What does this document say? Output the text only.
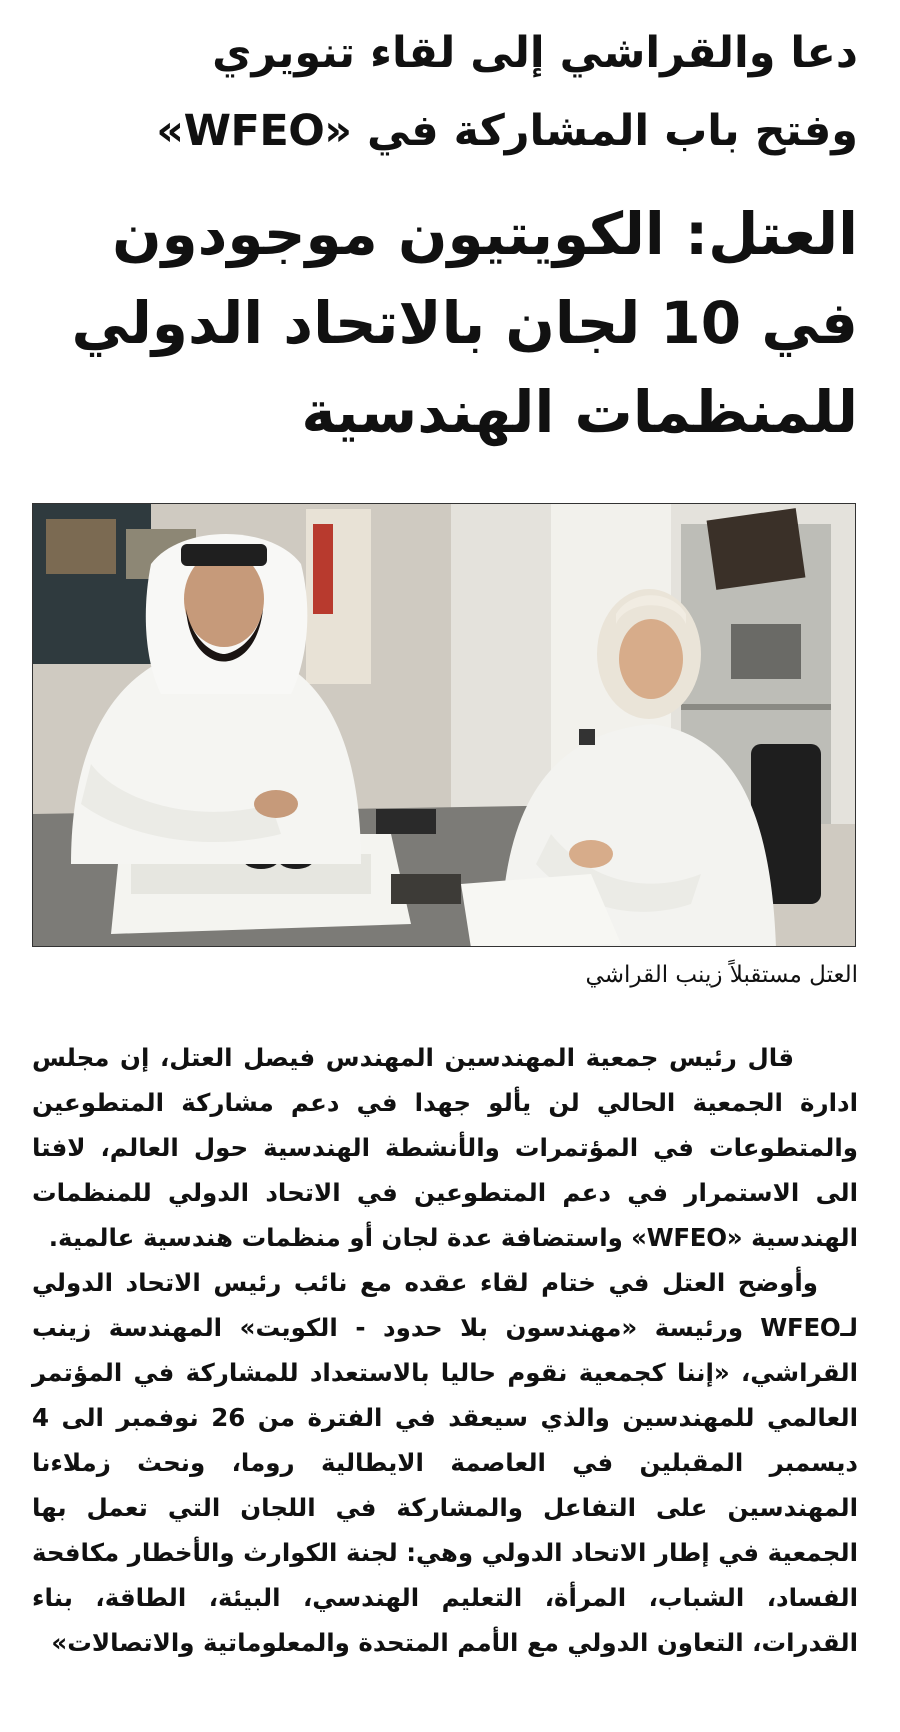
دعا والقراشي إلى لقاء تنويري وفتح باب المشاركة في «WFEO»
العتل: الكويتيون موجودون في 10 لجان بالاتحاد الدولي للمنظمات الهندسية
العتل مستقبلاً زينب القراشي

قال رئيس جمعية المهندسين المهندس فيصل العتل، إن مجلس ادارة الجمعية الحالي لن يألو جهدا في دعم مشاركة المتطوعين والمتطوعات في المؤتمرات والأنشطة الهندسية حول العالم، لافتا الى الاستمرار في دعم المتطوعين في الاتحاد الدولي للمنظمات الهندسية «WFEO» واستضافة عدة لجان أو منظمات هندسية عالمية.

وأوضح العتل في ختام لقاء عقده مع نائب رئيس الاتحاد الدولي لـWFEO ورئيسة «مهندسون بلا حدود - الكويت» المهندسة زينب القراشي، «إننا كجمعية نقوم حاليا بالاستعداد للمشاركة في المؤتمر العالمي للمهندسين والذي سيعقد في الفترة من 26 نوفمبر الى 4 ديسمبر المقبلين في العاصمة الايطالية روما، ونحث زملاءنا المهندسين على التفاعل والمشاركة في اللجان التي تعمل بها الجمعية في إطار الاتحاد الدولي وهي: لجنة الكوارث والأخطار مكافحة الفساد، الشباب، المرأة، التعليم الهندسي، البيئة، الطاقة، بناء القدرات، التعاون الدولي مع الأمم المتحدة والمعلوماتية والاتصالات»
